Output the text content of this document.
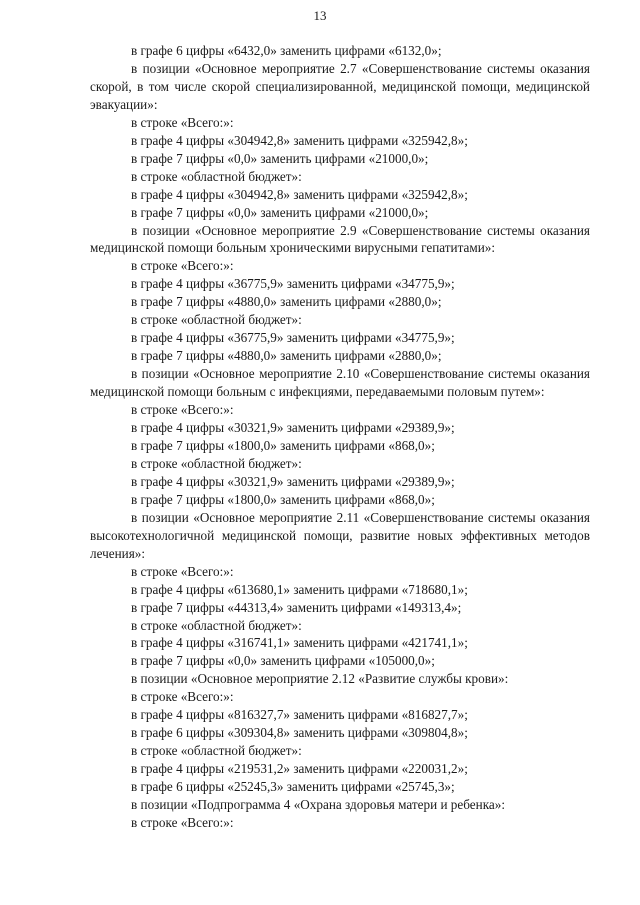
13

в графе 6 цифры «6432,0» заменить цифрами «6132,0»;

в позиции «Основное мероприятие 2.7 «Совершенствование системы оказания скорой, в том числе скорой специализированной, медицинской помощи, медицинской эвакуации»:

в строке «Всего:»:

в графе 4 цифры «304942,8» заменить цифрами «325942,8»;

в графе 7 цифры «0,0» заменить цифрами «21000,0»;

в строке «областной бюджет»:

в графе 4 цифры «304942,8» заменить цифрами «325942,8»;

в графе 7 цифры «0,0» заменить цифрами «21000,0»;

в позиции «Основное мероприятие 2.9 «Совершенствование системы оказания медицинской помощи больным хроническими вирусными гепатитами»:

в строке «Всего:»:

в графе 4 цифры «36775,9» заменить цифрами «34775,9»;

в графе 7 цифры «4880,0» заменить цифрами «2880,0»;

в строке «областной бюджет»:

в графе 4 цифры «36775,9» заменить цифрами «34775,9»;

в графе 7 цифры «4880,0» заменить цифрами «2880,0»;

в позиции «Основное мероприятие 2.10 «Совершенствование системы оказания медицинской помощи больным с инфекциями, передаваемыми половым путем»:

в строке «Всего:»:

в графе 4 цифры «30321,9» заменить цифрами «29389,9»;

в графе 7 цифры «1800,0» заменить цифрами «868,0»;

в строке «областной бюджет»:

в графе 4 цифры «30321,9» заменить цифрами «29389,9»;

в графе 7 цифры «1800,0» заменить цифрами «868,0»;

в позиции «Основное мероприятие 2.11 «Совершенствование системы оказания высокотехнологичной медицинской помощи, развитие новых эффективных методов лечения»:

в строке «Всего:»:

в графе 4 цифры «613680,1» заменить цифрами «718680,1»;

в графе 7 цифры «44313,4» заменить цифрами «149313,4»;

в строке «областной бюджет»:

в графе 4 цифры «316741,1» заменить цифрами «421741,1»;

в графе 7 цифры «0,0» заменить цифрами «105000,0»;

в позиции «Основное мероприятие 2.12 «Развитие службы крови»:

в строке «Всего:»:

в графе 4 цифры «816327,7» заменить цифрами «816827,7»;

в графе 6 цифры «309304,8» заменить цифрами «309804,8»;

в строке «областной бюджет»:

в графе 4 цифры «219531,2» заменить цифрами «220031,2»;

в графе 6 цифры «25245,3» заменить цифрами «25745,3»;

в позиции «Подпрограмма 4 «Охрана здоровья матери и ребенка»:

в строке «Всего:»:
